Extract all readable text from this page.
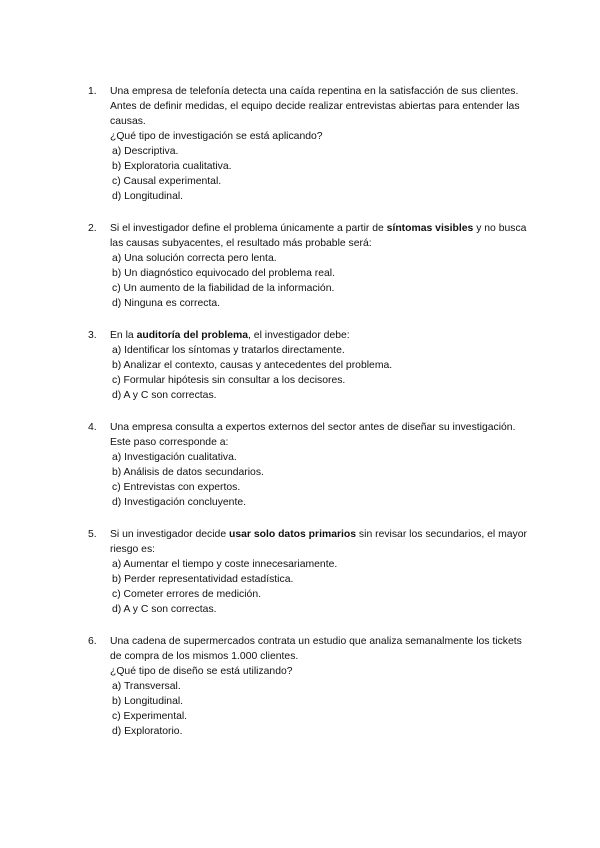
1. Una empresa de telefonía detecta una caída repentina en la satisfacción de sus clientes. Antes de definir medidas, el equipo decide realizar entrevistas abiertas para entender las causas.
¿Qué tipo de investigación se está aplicando?
a) Descriptiva.
b) Exploratoria cualitativa.
c) Causal experimental.
d) Longitudinal.
2. Si el investigador define el problema únicamente a partir de síntomas visibles y no busca las causas subyacentes, el resultado más probable será:
a) Una solución correcta pero lenta.
b) Un diagnóstico equivocado del problema real.
c) Un aumento de la fiabilidad de la información.
d) Ninguna es correcta.
3. En la auditoría del problema, el investigador debe:
a) Identificar los síntomas y tratarlos directamente.
b) Analizar el contexto, causas y antecedentes del problema.
c) Formular hipótesis sin consultar a los decisores.
d) A y C son correctas.
4. Una empresa consulta a expertos externos del sector antes de diseñar su investigación. Este paso corresponde a:
a) Investigación cualitativa.
b) Análisis de datos secundarios.
c) Entrevistas con expertos.
d) Investigación concluyente.
5. Si un investigador decide usar solo datos primarios sin revisar los secundarios, el mayor riesgo es:
a) Aumentar el tiempo y coste innecesariamente.
b) Perder representatividad estadística.
c) Cometer errores de medición.
d) A y C son correctas.
6. Una cadena de supermercados contrata un estudio que analiza semanalmente los tickets de compra de los mismos 1.000 clientes.
¿Qué tipo de diseño se está utilizando?
a) Transversal.
b) Longitudinal.
c) Experimental.
d) Exploratorio.
